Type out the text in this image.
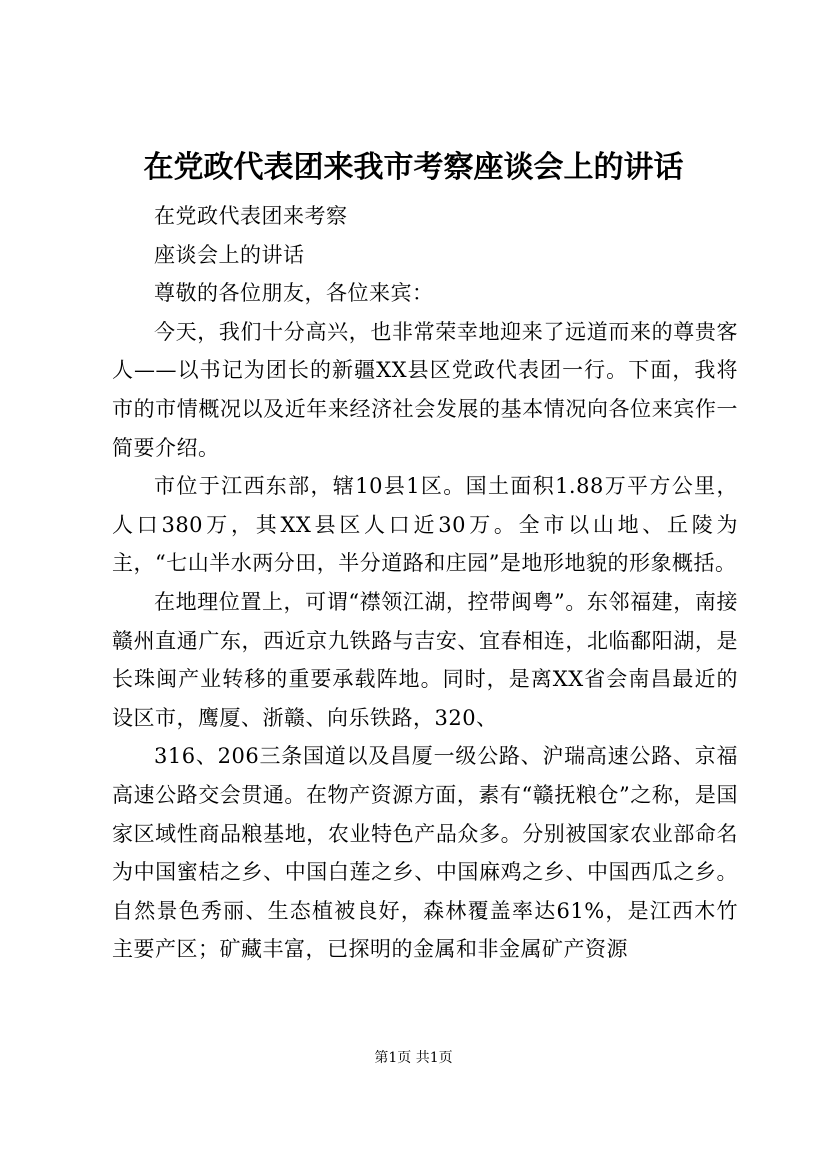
在党政代表团来我市考察座谈会上的讲话

在党政代表团来考察

座谈会上的讲话

尊敬的各位朋友，各位来宾：

今天，我们十分高兴，也非常荣幸地迎来了远道而来的尊贵客人——以书记为团长的新疆XX县区党政代表团一行。下面，我将市的市情概况以及近年来经济社会发展的基本情况向各位来宾作一简要介绍。

市位于江西东部，辖10县1区。国土面积1.88万平方公里，人口380万，其XX县区人口近30万。全市以山地、丘陵为主，“七山半水两分田，半分道路和庄园”是地形地貌的形象概括。

在地理位置上，可谓“襟领江湖，控带闽粤”。东邻福建，南接赣州直通广东，西近京九铁路与吉安、宜春相连，北临鄱阳湖，是长珠闽产业转移的重要承载阵地。同时，是离XX省会南昌最近的设区市，鹰厦、浙赣、向乐铁路，320、

316、206三条国道以及昌厦一级公路、沪瑞高速公路、京福高速公路交会贯通。在物产资源方面，素有“赣抚粮仓”之称，是国家区域性商品粮基地，农业特色产品众多。分别被国家农业部命名为中国蜜桔之乡、中国白莲之乡、中国麻鸡之乡、中国西瓜之乡。自然景色秀丽、生态植被良好，森林覆盖率达61%，是江西木竹主要产区；矿藏丰富，已探明的金属和非金属矿产资源

第1页 共1页
